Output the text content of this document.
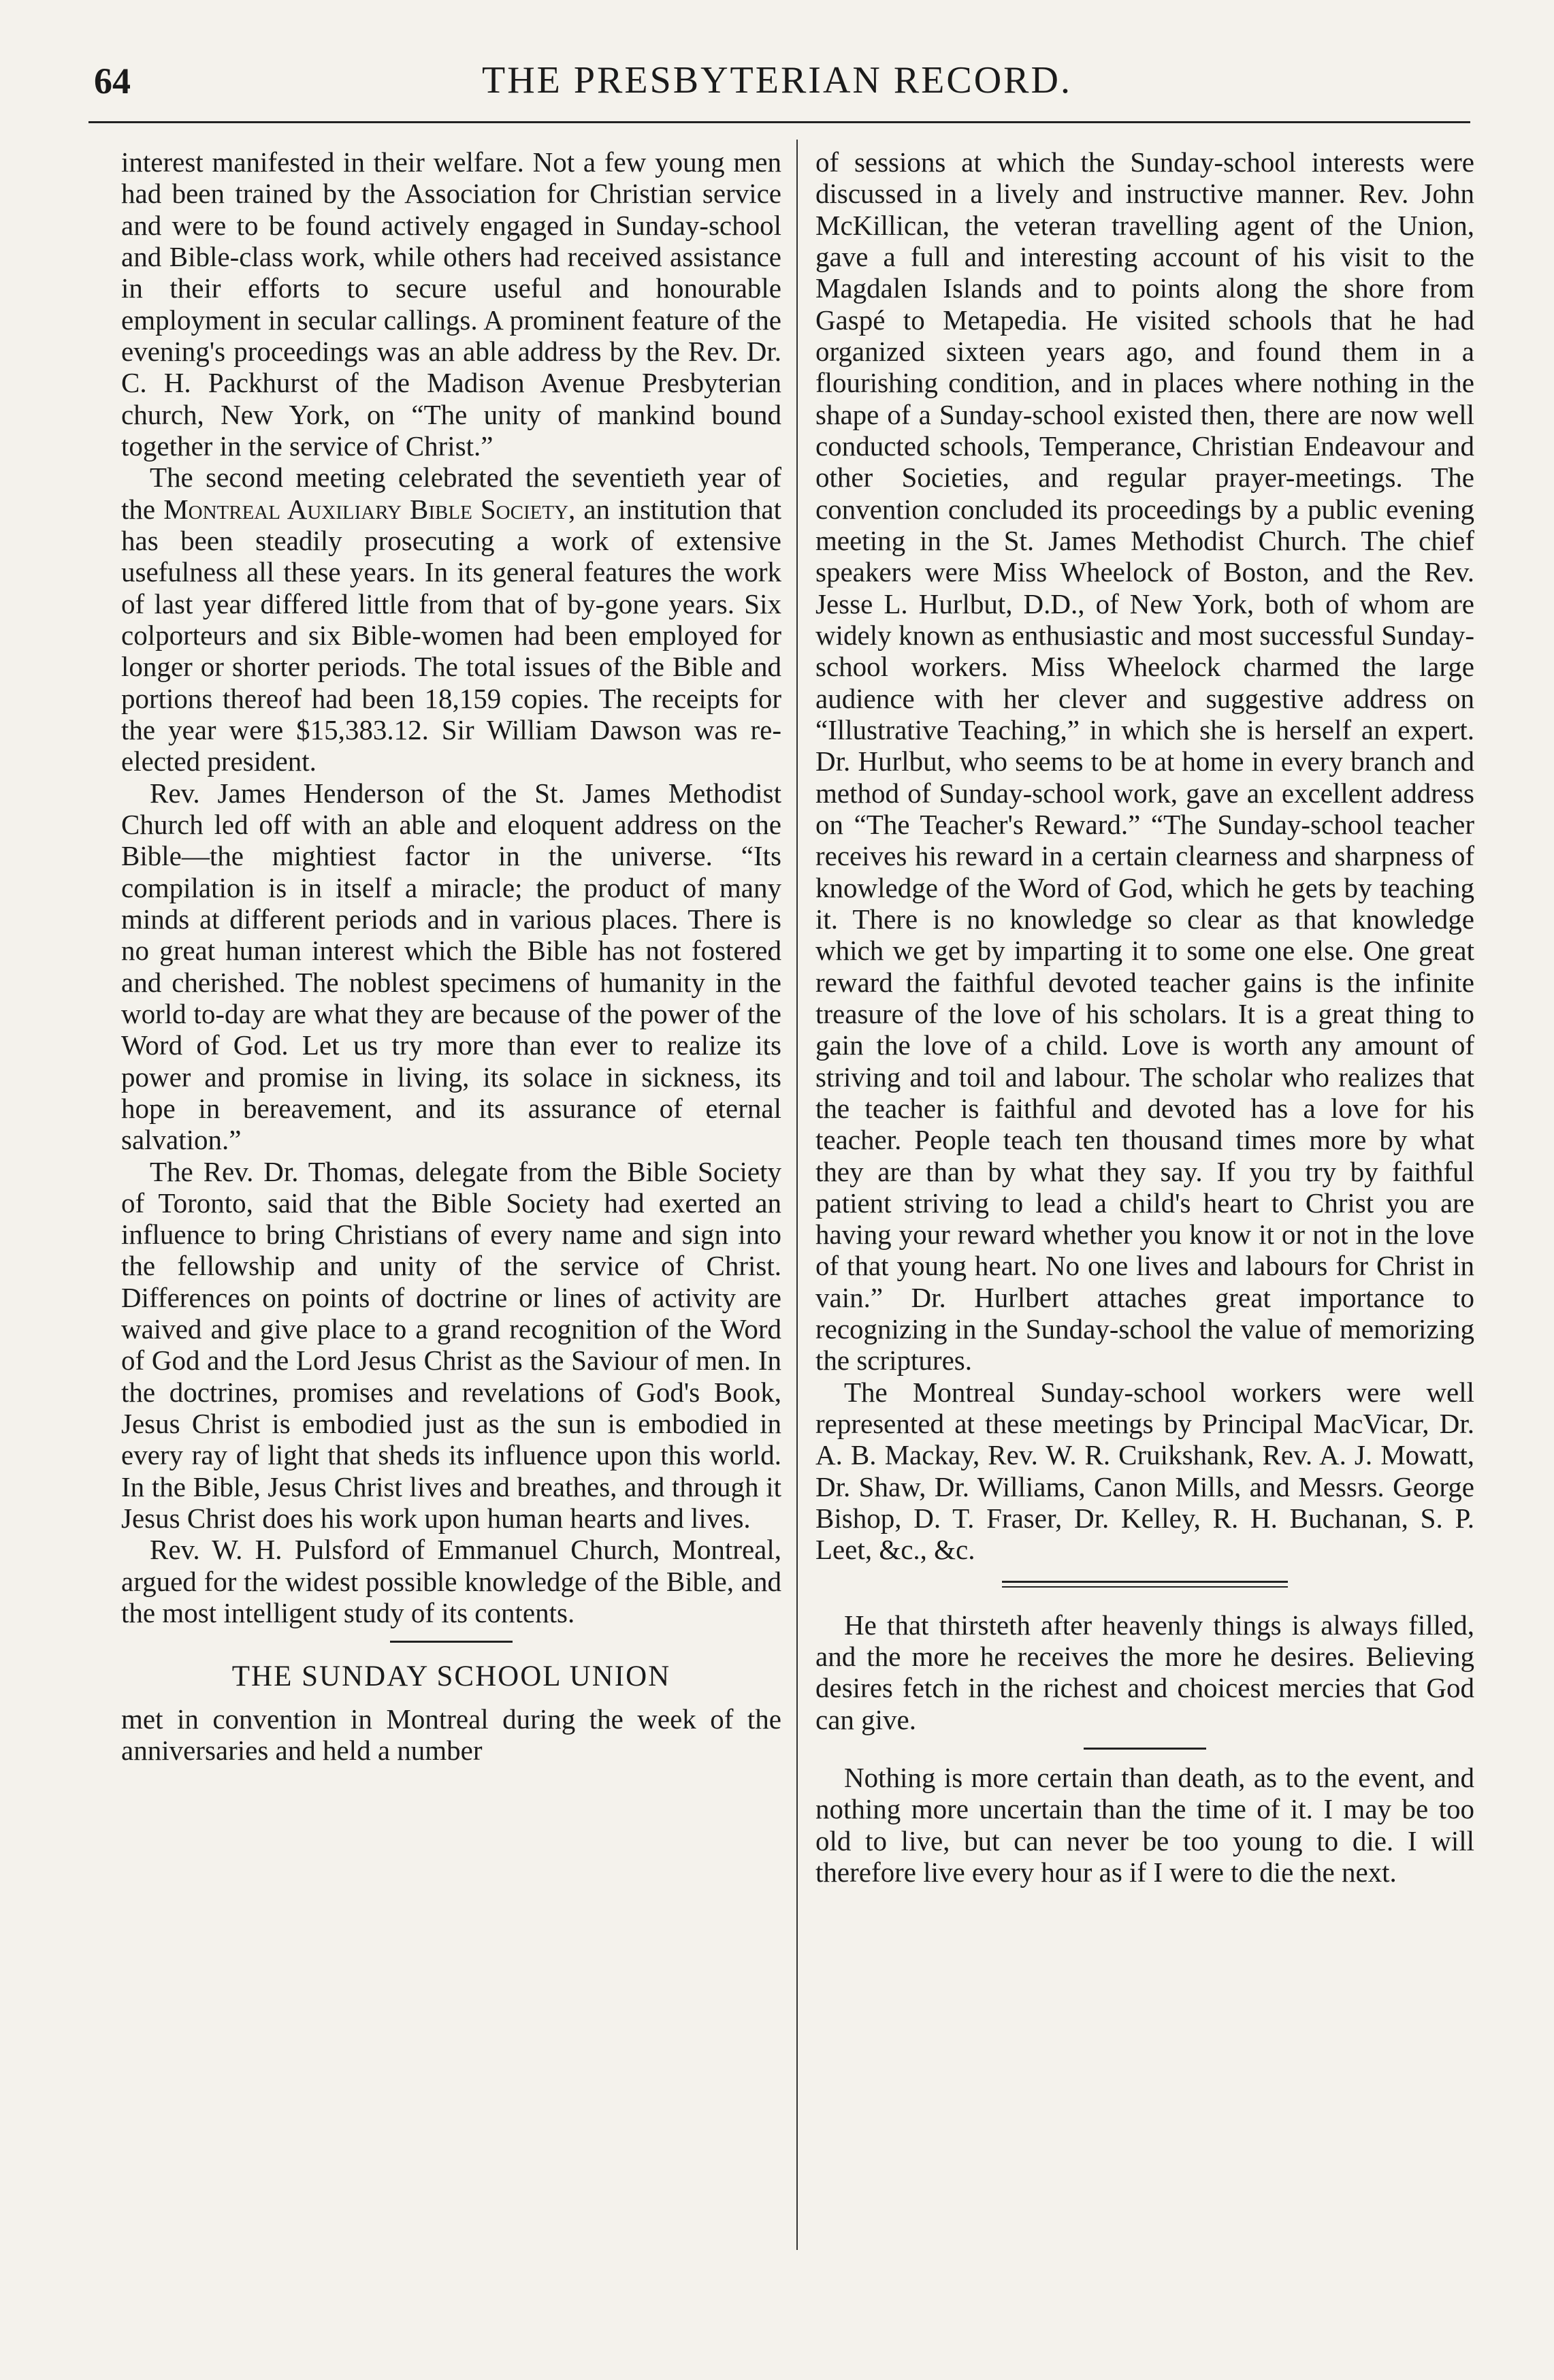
64	THE PRESBYTERIAN RECORD.

interest manifested in their welfare. Not a few young men had been trained by the Association for Christian service and were to be found actively engaged in Sunday-school and Bible-class work, while others had received assistance in their efforts to secure useful and honourable employment in secular callings. A prominent feature of the evening's proceedings was an able address by the Rev. Dr. C. H. Packhurst of the Madison Avenue Presbyterian church, New York, on “The unity of mankind bound together in the service of Christ.”

The second meeting celebrated the seventieth year of the Montreal Auxiliary Bible Society, an institution that has been steadily prosecuting a work of extensive usefulness all these years. In its general features the work of last year differed little from that of by-gone years. Six colporteurs and six Bible-women had been employed for longer or shorter periods. The total issues of the Bible and portions thereof had been 18,159 copies. The receipts for the year were $15,383.12. Sir William Dawson was re-elected president.

Rev. James Henderson of the St. James Methodist Church led off with an able and eloquent address on the Bible—the mightiest factor in the universe. “Its compilation is in itself a miracle; the product of many minds at different periods and in various places. There is no great human interest which the Bible has not fostered and cherished. The noblest specimens of humanity in the world to-day are what they are because of the power of the Word of God. Let us try more than ever to realize its power and promise in living, its solace in sickness, its hope in bereavement, and its assurance of eternal salvation.”

The Rev. Dr. Thomas, delegate from the Bible Society of Toronto, said that the Bible Society had exerted an influence to bring Christians of every name and sign into the fellowship and unity of the service of Christ. Differences on points of doctrine or lines of activity are waived and give place to a grand recognition of the Word of God and the Lord Jesus Christ as the Saviour of men. In the doctrines, promises and revelations of God's Book, Jesus Christ is embodied just as the sun is embodied in every ray of light that sheds its influence upon this world. In the Bible, Jesus Christ lives and breathes, and through it Jesus Christ does his work upon human hearts and lives.

Rev. W. H. Pulsford of Emmanuel Church, Montreal, argued for the widest possible knowledge of the Bible, and the most intelligent study of its contents.

THE SUNDAY SCHOOL UNION

met in convention in Montreal during the week of the anniversaries and held a number

of sessions at which the Sunday-school interests were discussed in a lively and instructive manner. Rev. John McKillican, the veteran travelling agent of the Union, gave a full and interesting account of his visit to the Magdalen Islands and to points along the shore from Gaspé to Metapedia. He visited schools that he had organized sixteen years ago, and found them in a flourishing condition, and in places where nothing in the shape of a Sunday-school existed then, there are now well conducted schools, Temperance, Christian Endeavour and other Societies, and regular prayer-meetings. The convention concluded its proceedings by a public evening meeting in the St. James Methodist Church. The chief speakers were Miss Wheelock of Boston, and the Rev. Jesse L. Hurlbut, D.D., of New York, both of whom are widely known as enthusiastic and most successful Sunday-school workers. Miss Wheelock charmed the large audience with her clever and suggestive address on “Illustrative Teaching,” in which she is herself an expert. Dr. Hurlbut, who seems to be at home in every branch and method of Sunday-school work, gave an excellent address on “The Teacher's Reward.” “The Sunday-school teacher receives his reward in a certain clearness and sharpness of knowledge of the Word of God, which he gets by teaching it. There is no knowledge so clear as that knowledge which we get by imparting it to some one else. One great reward the faithful devoted teacher gains is the infinite treasure of the love of his scholars. It is a great thing to gain the love of a child. Love is worth any amount of striving and toil and labour. The scholar who realizes that the teacher is faithful and devoted has a love for his teacher. People teach ten thousand times more by what they are than by what they say. If you try by faithful patient striving to lead a child's heart to Christ you are having your reward whether you know it or not in the love of that young heart. No one lives and labours for Christ in vain.” Dr. Hurlbert attaches great importance to recognizing in the Sunday-school the value of memorizing the scriptures.

The Montreal Sunday-school workers were well represented at these meetings by Principal MacVicar, Dr. A. B. Mackay, Rev. W. R. Cruikshank, Rev. A. J. Mowatt, Dr. Shaw, Dr. Williams, Canon Mills, and Messrs. George Bishop, D. T. Fraser, Dr. Kelley, R. H. Buchanan, S. P. Leet, &c., &c.

He that thirsteth after heavenly things is always filled, and the more he receives the more he desires. Believing desires fetch in the richest and choicest mercies that God can give.

Nothing is more certain than death, as to the event, and nothing more uncertain than the time of it. I may be too old to live, but can never be too young to die. I will therefore live every hour as if I were to die the next.
